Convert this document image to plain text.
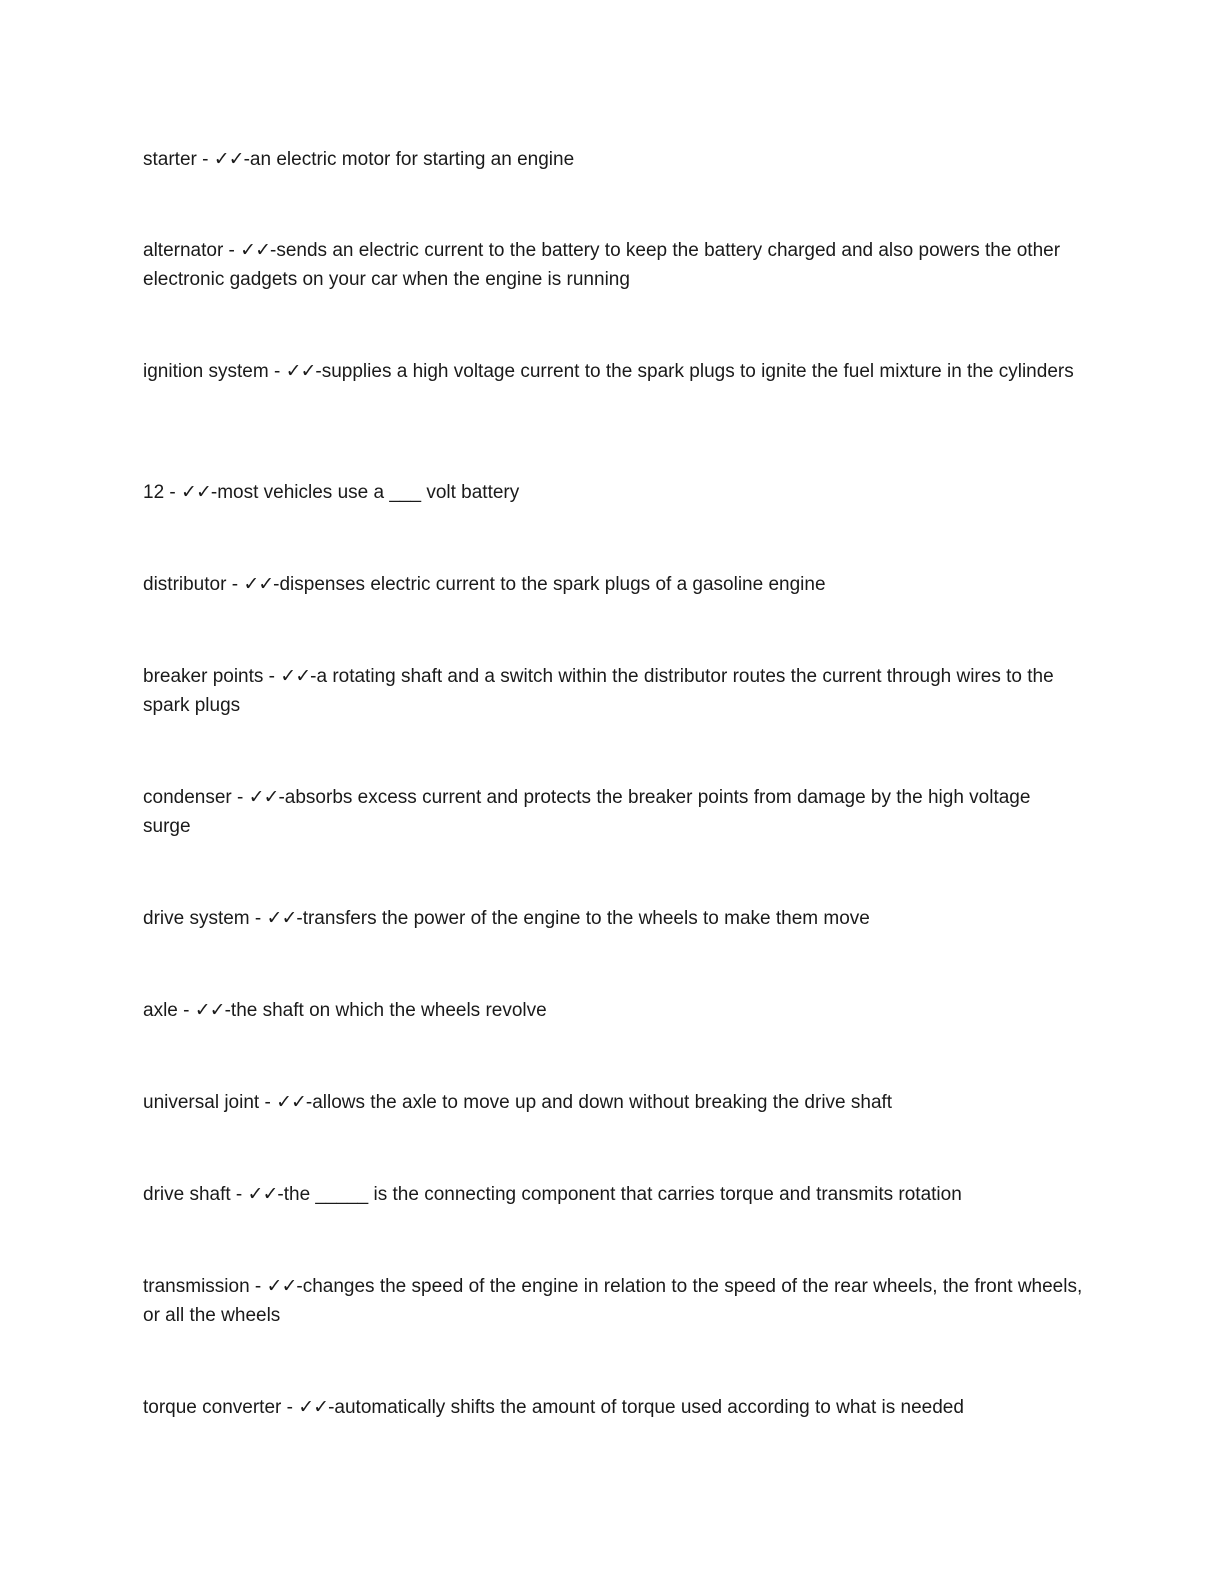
starter - ✓✓-an electric motor for starting an engine

alternator - ✓✓-sends an electric current to the battery to keep the battery charged and also powers the other electronic gadgets on your car when the engine is running

ignition system - ✓✓-supplies a high voltage current to the spark plugs to ignite the fuel mixture in the cylinders

12 - ✓✓-most vehicles use a ___ volt battery

distributor - ✓✓-dispenses electric current to the spark plugs of a gasoline engine

breaker points - ✓✓-a rotating shaft and a switch within the distributor routes the current through wires to the spark plugs

condenser - ✓✓-absorbs excess current and protects the breaker points from damage by the high voltage surge

drive system - ✓✓-transfers the power of the engine to the wheels to make them move

axle - ✓✓-the shaft on which the wheels revolve

universal joint - ✓✓-allows the axle to move up and down without breaking the drive shaft

drive shaft - ✓✓-the _____ is the connecting component that carries torque and transmits rotation

transmission - ✓✓-changes the speed of the engine in relation to the speed of the rear wheels, the front wheels, or all the wheels

torque converter - ✓✓-automatically shifts the amount of torque used according to what is needed
